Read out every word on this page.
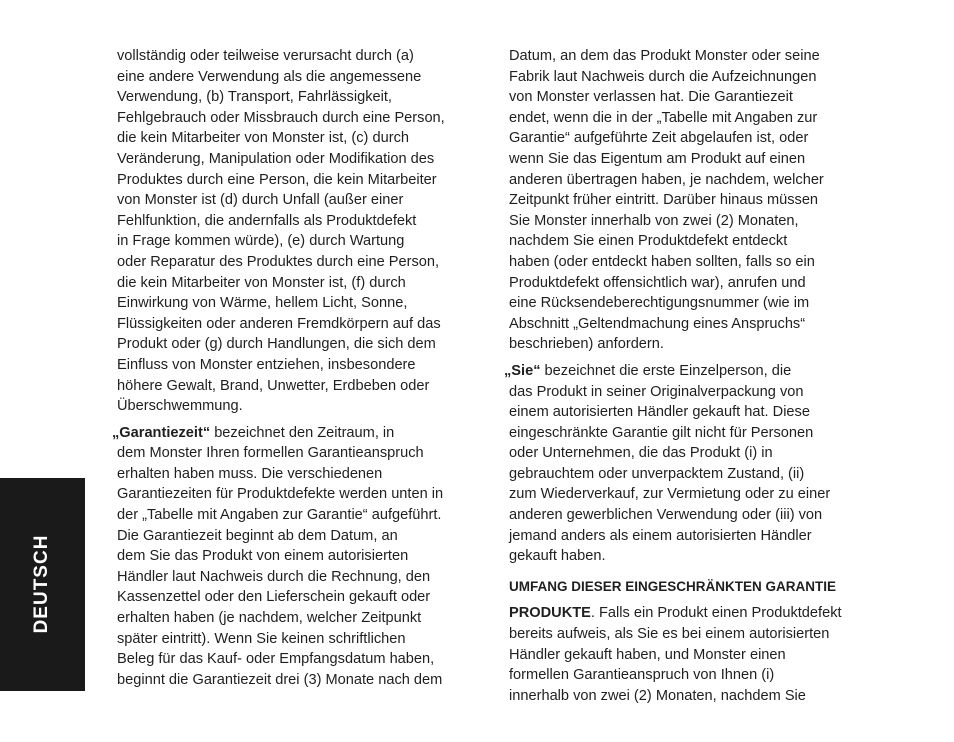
DEUTSCH
vollständig oder teilweise verursacht durch (a)
eine andere Verwendung als die angemessene
Verwendung, (b) Transport, Fahrlässigkeit,
Fehlgebrauch oder Missbrauch durch eine Person,
die kein Mitarbeiter von Monster ist, (c) durch
Veränderung, Manipulation oder Modifikation des
Produktes durch eine Person, die kein Mitarbeiter
von Monster ist (d) durch Unfall (außer einer
Fehlfunktion, die andernfalls als Produktdefekt
in Frage kommen würde), (e) durch Wartung
oder Reparatur des Produktes durch eine Person,
die kein Mitarbeiter von Monster ist, (f) durch
Einwirkung von Wärme, hellem Licht, Sonne,
Flüssigkeiten oder anderen Fremdkörpern auf das
Produkt oder (g) durch Handlungen, die sich dem
Einfluss von Monster entziehen, insbesondere
höhere Gewalt, Brand, Unwetter, Erdbeben oder
Überschwemmung.
„Garantiezeit“ bezeichnet den Zeitraum, in
dem Monster Ihren formellen Garantieanspruch
erhalten haben muss. Die verschiedenen
Garantiezeiten für Produktdefekte werden unten in
der „Tabelle mit Angaben zur Garantie“ aufgeführt.
Die Garantiezeit beginnt ab dem Datum, an
dem Sie das Produkt von einem autorisierten
Händler laut Nachweis durch die Rechnung, den
Kassenzettel oder den Lieferschein gekauft oder
erhalten haben (je nachdem, welcher Zeitpunkt
später eintritt). Wenn Sie keinen schriftlichen
Beleg für das Kauf- oder Empfangsdatum haben,
beginnt die Garantiezeit drei (3) Monate nach dem
Datum, an dem das Produkt Monster oder seine
Fabrik laut Nachweis durch die Aufzeichnungen
von Monster verlassen hat. Die Garantiezeit
endet, wenn die in der „Tabelle mit Angaben zur
Garantie“ aufgeführte Zeit abgelaufen ist, oder
wenn Sie das Eigentum am Produkt auf einen
anderen übertragen haben, je nachdem, welcher
Zeitpunkt früher eintritt. Darüber hinaus müssen
Sie Monster innerhalb von zwei (2) Monaten,
nachdem Sie einen Produktdefekt entdeckt
haben (oder entdeckt haben sollten, falls so ein
Produktdefekt offensichtlich war), anrufen und
eine Rücksendeberechtigungsnummer (wie im
Abschnitt „Geltendmachung eines Anspruchs“
beschrieben) anfordern.
„Sie“ bezeichnet die erste Einzelperson, die
das Produkt in seiner Originalverpackung von
einem autorisierten Händler gekauft hat. Diese
eingeschränkte Garantie gilt nicht für Personen
oder Unternehmen, die das Produkt (i) in
gebrauchtem oder unverpacktem Zustand, (ii)
zum Wiederverkauf, zur Vermietung oder zu einer
anderen gewerblichen Verwendung oder (iii) von
jemand anders als einem autorisierten Händler
gekauft haben.
UMFANG DIESER EINGESCHRÄNKTEN GARANTIE
PRODUKTE. Falls ein Produkt einen Produktdefekt
bereits aufweis, als Sie es bei einem autorisierten
Händler gekauft haben, und Monster einen
formellen Garantieanspruch von Ihnen (i)
innerhalb von zwei (2) Monaten, nachdem Sie
